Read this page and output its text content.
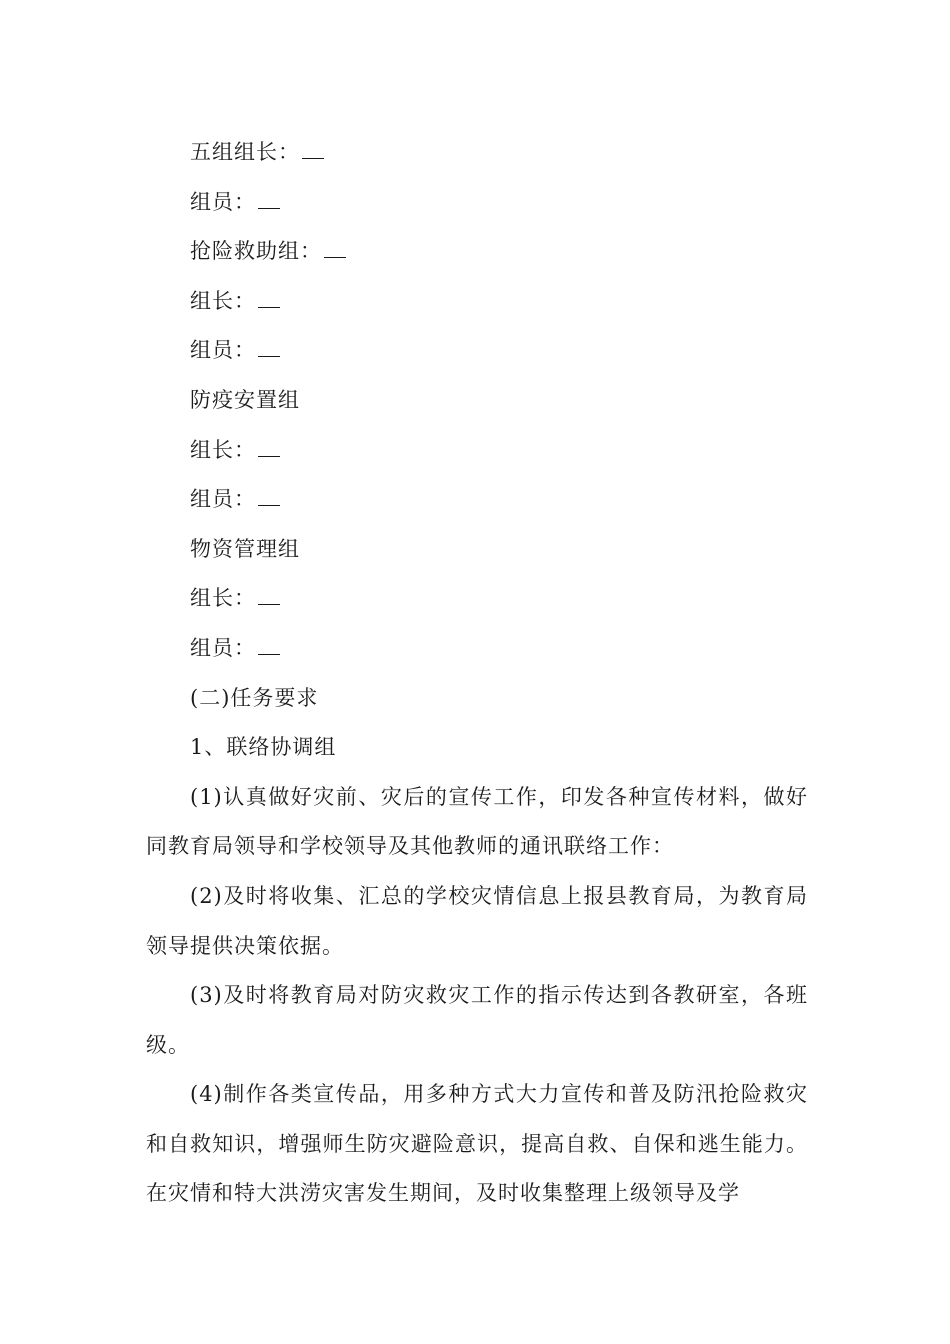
五组组长：
组员：
抢险救助组：
组长：
组员：
防疫安置组
组长：
组员：
物资管理组
组长：
组员：
(二)任务要求
1、联络协调组

(1)认真做好灾前、灾后的宣传工作，印发各种宣传材料，做好同教育局领导和学校领导及其他教师的通讯联络工作：

(2)及时将收集、汇总的学校灾情信息上报县教育局，为教育局领导提供决策依据。

(3)及时将教育局对防灾救灾工作的指示传达到各教研室，各班级。

(4)制作各类宣传品，用多种方式大力宣传和普及防汛抢险救灾和自救知识，增强师生防灾避险意识，提高自救、自保和逃生能力。在灾情和特大洪涝灾害发生期间，及时收集整理上级领导及学
